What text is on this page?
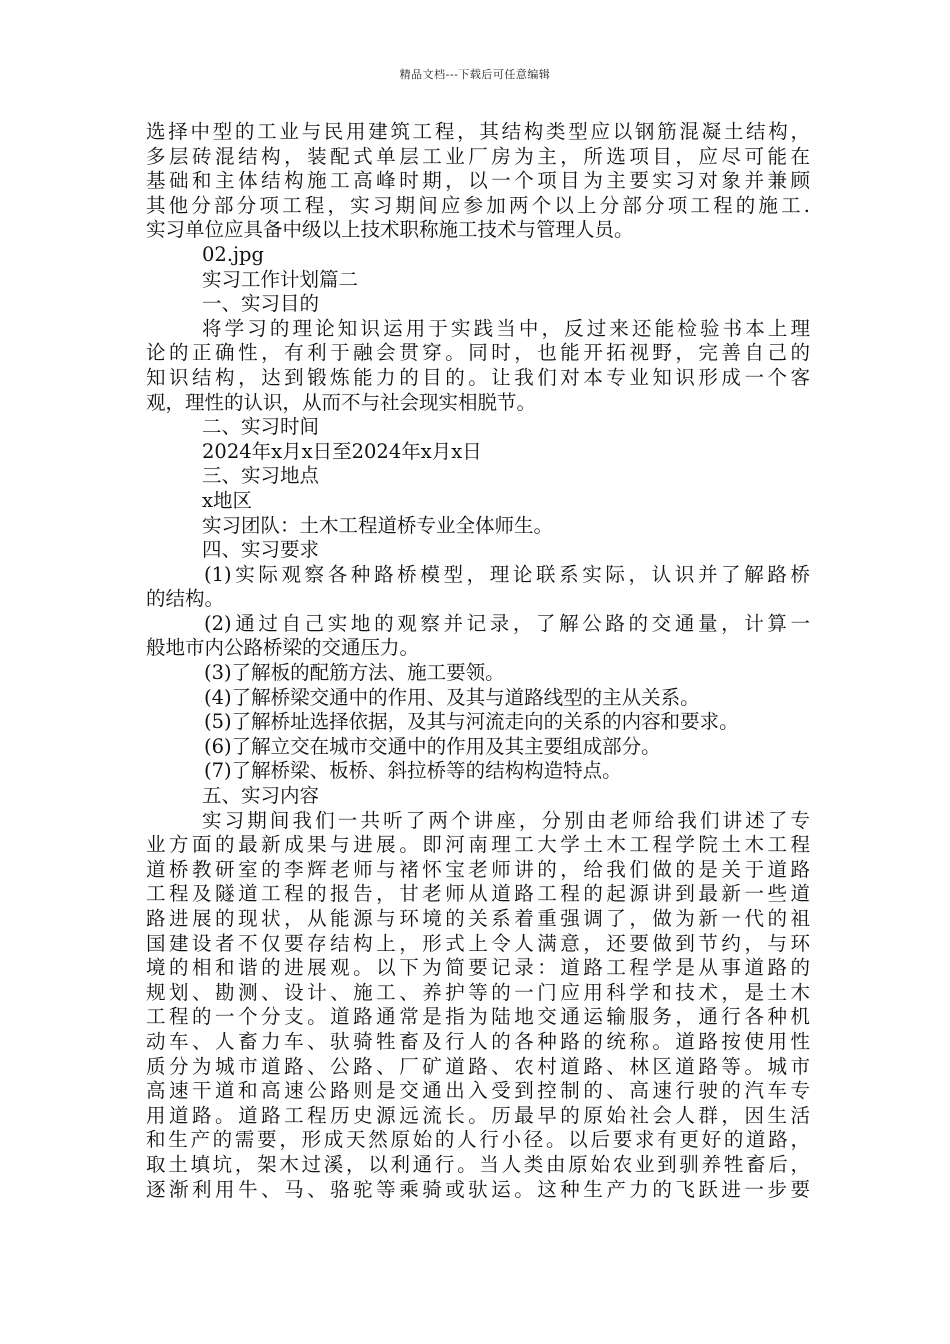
精品文档---下载后可任意编辑
选择中型的工业与民用建筑工程，其结构类型应以钢筋混凝土结构，
多层砖混结构，装配式单层工业厂房为主，所选项目，应尽可能在
基础和主体结构施工高峰时期，以一个项目为主要实习对象并兼顾
其他分部分项工程，实习期间应参加两个以上分部分项工程的施工.
实习单位应具备中级以上技术职称施工技术与管理人员。
02.jpg
实习工作计划篇二
一、实习目的
将学习的理论知识运用于实践当中，反过来还能检验书本上理
论的正确性，有利于融会贯穿。同时，也能开拓视野，完善自己的
知识结构，达到锻炼能力的目的。让我们对本专业知识形成一个客
观，理性的认识，从而不与社会现实相脱节。
二、实习时间
2024年x月x日至2024年x月x日
三、实习地点
x地区
实习团队：土木工程道桥专业全体师生。
四、实习要求
(1)实际观察各种路桥模型，理论联系实际，认识并了解路桥
的结构。
(2)通过自己实地的观察并记录，了解公路的交通量，计算一
般地市内公路桥梁的交通压力。
(3)了解板的配筋方法、施工要领。
(4)了解桥梁交通中的作用、及其与道路线型的主从关系。
(5)了解桥址选择依据，及其与河流走向的关系的内容和要求。
(6)了解立交在城市交通中的作用及其主要组成部分。
(7)了解桥梁、板桥、斜拉桥等的结构构造特点。
五、实习内容
实习期间我们一共听了两个讲座，分别由老师给我们讲述了专
业方面的最新成果与进展。即河南理工大学土木工程学院土木工程
道桥教研室的李辉老师与褚怀宝老师讲的，给我们做的是关于道路
工程及隧道工程的报告，甘老师从道路工程的起源讲到最新一些道
路进展的现状，从能源与环境的关系着重强调了，做为新一代的祖
国建设者不仅要存结构上，形式上令人满意，还要做到节约，与环
境的相和谐的进展观。以下为简要记录：道路工程学是从事道路的
规划、勘测、设计、施工、养护等的一门应用科学和技术，是土木
工程的一个分支。道路通常是指为陆地交通运输服务，通行各种机
动车、人畜力车、驮骑牲畜及行人的各种路的统称。道路按使用性
质分为城市道路、公路、厂矿道路、农村道路、林区道路等。城市
高速干道和高速公路则是交通出入受到控制的、高速行驶的汽车专
用道路。道路工程历史源远流长。历最早的原始社会人群，因生活
和生产的需要，形成天然原始的人行小径。以后要求有更好的道路，
取土填坑，架木过溪，以利通行。当人类由原始农业到驯养牲畜后，
逐渐利用牛、马、骆驼等乘骑或驮运。这种生产力的飞跃进一步要
